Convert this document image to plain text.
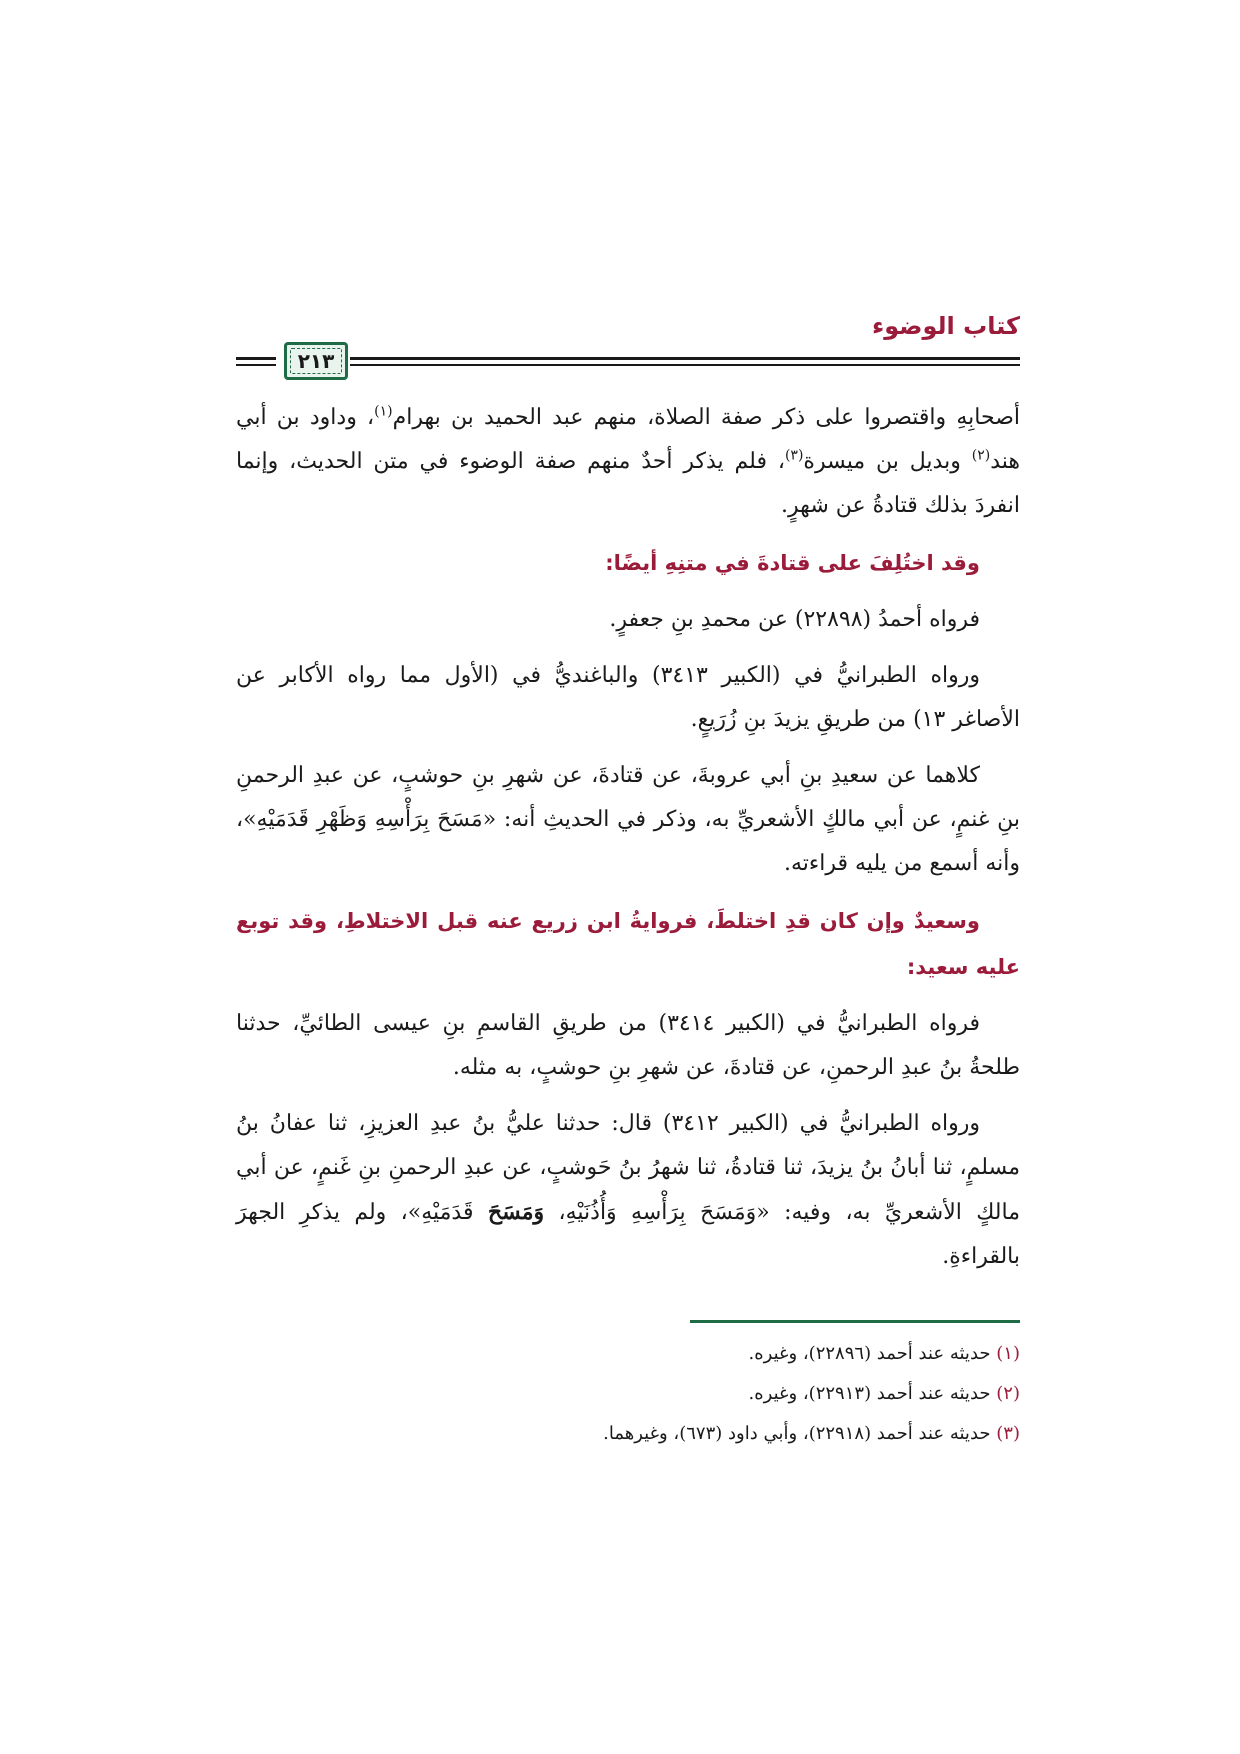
كتاب الوضوء
٢١٣

أصحابِهِ واقتصروا على ذكر صفة الصلاة، منهم عبد الحميد بن بهرام$^{(١)}$، وداود بن أبي هند$^{(٢)}$ وبديل بن ميسرة$^{(٣)}$، فلم يذكر أحدٌ منهم صفة الوضوء في متن الحديث، وإنما انفردَ بذلك قتادةُ عن شهرٍ.

وقد اختُلِفَ على قتادةَ في متنِهِ أيضًا:

فرواه أحمدُ (٢٢٨٩٨) عن محمدِ بنِ جعفرٍ.

ورواه الطبرانيُّ في (الكبير ٣٤١٣) والباغنديُّ في (الأول مما رواه الأكابر عن الأصاغر ١٣) من طريقِ يزيدَ بنِ زُرَيعٍ.

كلاهما عن سعيدِ بنِ أبي عروبةَ، عن قتادةَ، عن شهرِ بنِ حوشبٍ، عن عبدِ الرحمنِ بنِ غنمٍ، عن أبي مالكٍ الأشعريِّ به، وذكر في الحديثِ أنه: «مَسَحَ بِرَأْسِهِ وَظَهْرِ قَدَمَيْهِ»، وأنه أسمع من يليه قراءته.

وسعيدٌ وإن كان قدِ اختلطَ، فروايةُ ابن زريع عنه قبل الاختلاطِ، وقد توبع عليه سعيد:

فرواه الطبرانيُّ في (الكبير ٣٤١٤) من طريقِ القاسمِ بنِ عيسى الطائيِّ، حدثنا طلحةُ بنُ عبدِ الرحمنِ، عن قتادةَ، عن شهرِ بنِ حوشبٍ، به مثله.

ورواه الطبرانيُّ في (الكبير ٣٤١٢) قال: حدثنا عليُّ بنُ عبدِ العزيزِ، ثنا عفانُ بنُ مسلمٍ، ثنا أبانُ بنُ يزيدَ، ثنا قتادةُ، ثنا شهرُ بنُ حَوشبٍ، عن عبدِ الرحمنِ بنِ غَنمٍ، عن أبي مالكٍ الأشعريِّ به، وفيه: «وَمَسَحَ بِرَأْسِهِ وَأُذُنَيْهِ، وَمَسَحَ قَدَمَيْهِ»، ولم يذكرِ الجهرَ بالقراءةِ.

(١) حديثه عند أحمد (٢٢٨٩٦)، وغيره.

(٢) حديثه عند أحمد (٢٢٩١٣)، وغيره.

(٣) حديثه عند أحمد (٢٢٩١٨)، وأبي داود (٦٧٣)، وغيرهما.
